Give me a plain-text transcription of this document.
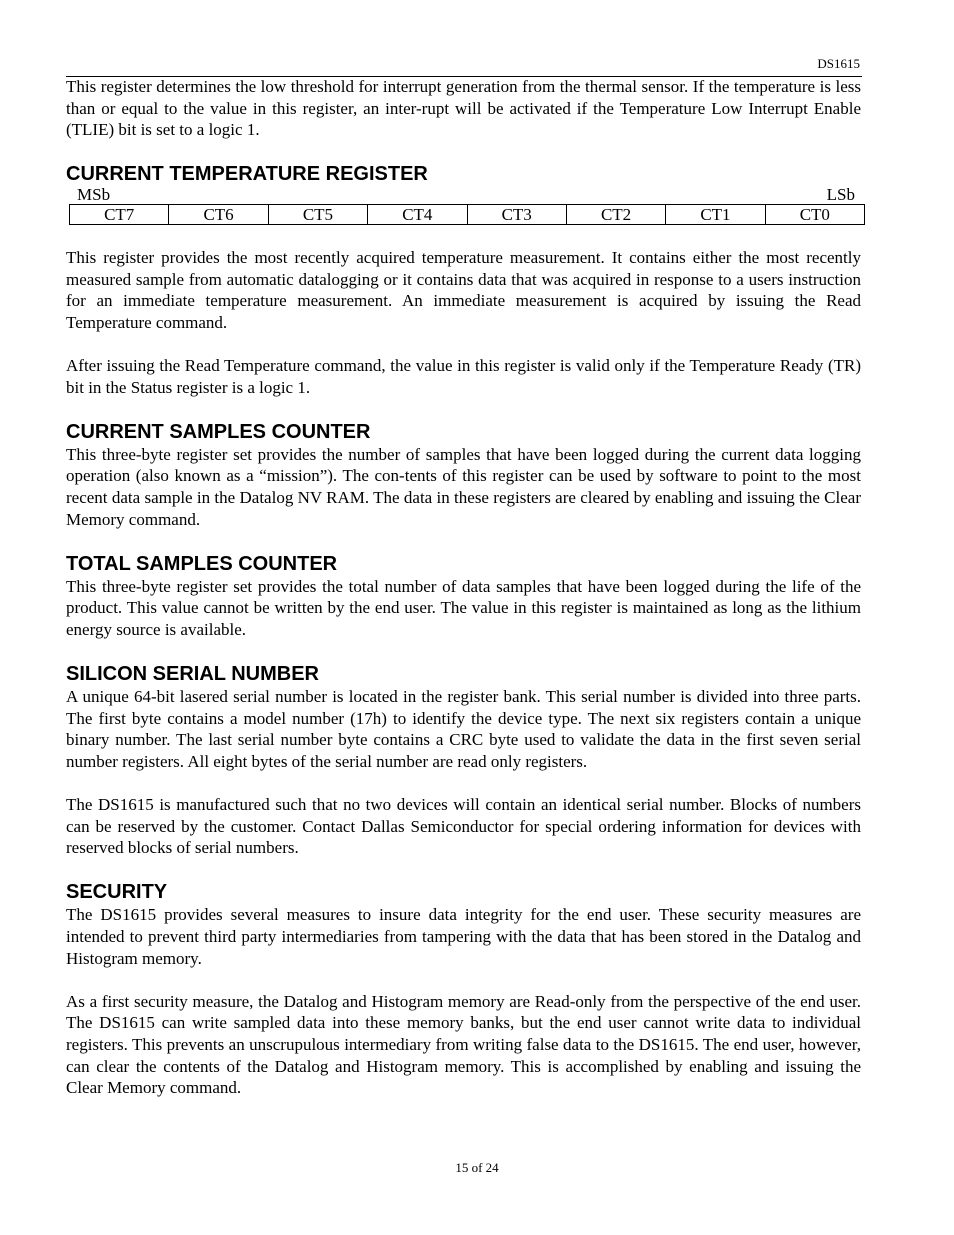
DS1615

This register determines the low threshold for interrupt generation from the thermal sensor. If the temperature is less than or equal to the value in this register, an inter-rupt will be activated if the Temperature Low Interrupt Enable (TLIE) bit is set to a logic 1.

CURRENT TEMPERATURE REGISTER
MSb	LSb
CT7	CT6	CT5	CT4	CT3	CT2	CT1	CT0

This register provides the most recently acquired temperature measurement. It contains either the most recently measured sample from automatic datalogging or it contains data that was acquired in response to a users instruction for an immediate temperature measurement. An immediate measurement is acquired by issuing the Read Temperature command.

After issuing the Read Temperature command, the value in this register is valid only if the Temperature Ready (TR) bit in the Status register is a logic 1.

CURRENT SAMPLES COUNTER

This three-byte register set provides the number of samples that have been logged during the current data logging operation (also known as a “mission”). The con-tents of this register can be used by software to point to the most recent data sample in the Datalog NV RAM. The data in these registers are cleared by enabling and issuing the Clear Memory command.

TOTAL SAMPLES COUNTER

This three-byte register set provides the total number of data samples that have been logged during the life of the product. This value cannot be written by the end user. The value in this register is maintained as long as the lithium energy source is available.

SILICON SERIAL NUMBER

A unique 64-bit lasered serial number is located in the register bank. This serial number is divided into three parts. The first byte contains a model number (17h) to identify the device type. The next six registers contain a unique binary number. The last serial number byte contains a CRC byte used to validate the data in the first seven serial number registers. All eight bytes of the serial number are read only registers.

The DS1615 is manufactured such that no two devices will contain an identical serial number. Blocks of numbers can be reserved by the customer. Contact Dallas Semiconductor for special ordering information for devices with reserved blocks of serial numbers.

SECURITY

The DS1615 provides several measures to insure data integrity for the end user. These security measures are intended to prevent third party intermediaries from tampering with the data that has been stored in the Datalog and Histogram memory.

As a first security measure, the Datalog and Histogram memory are Read-only from the perspective of the end user. The DS1615 can write sampled data into these memory banks, but the end user cannot write data to individual registers. This prevents an unscrupulous intermediary from writing false data to the DS1615. The end user, however, can clear the contents of the Datalog and Histogram memory. This is accomplished by enabling and issuing the Clear Memory command.

15 of 24
